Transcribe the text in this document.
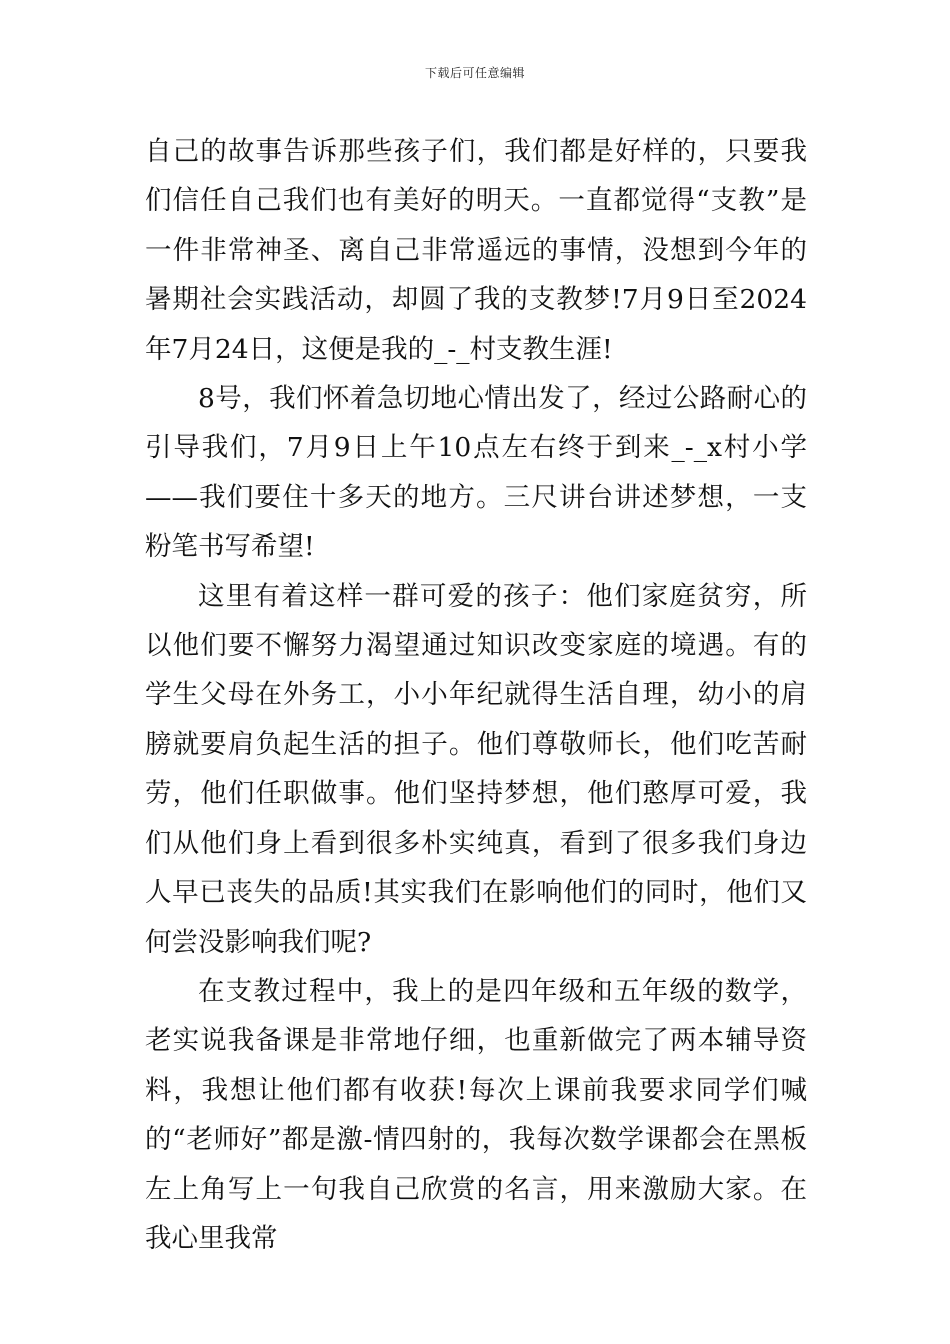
下载后可任意编辑

自己的故事告诉那些孩子们，我们都是好样的，只要我们信任自己我们也有美好的明天。一直都觉得“支教”是一件非常神圣、离自己非常遥远的事情，没想到今年的暑期社会实践活动，却圆了我的支教梦!7月9日至2024年7月24日，这便是我的_-_村支教生涯!

8号，我们怀着急切地心情出发了，经过公路耐心的引导我们，7月9日上午10点左右终于到来_-_x村小学——我们要住十多天的地方。三尺讲台讲述梦想，一支粉笔书写希望!

这里有着这样一群可爱的孩子：他们家庭贫穷，所以他们要不懈努力渴望通过知识改变家庭的境遇。有的学生父母在外务工，小小年纪就得生活自理，幼小的肩膀就要肩负起生活的担子。他们尊敬师长，他们吃苦耐劳，他们任职做事。他们坚持梦想，他们憨厚可爱，我们从他们身上看到很多朴实纯真，看到了很多我们身边人早已丧失的品质!其实我们在影响他们的同时，他们又何尝没影响我们呢?

在支教过程中，我上的是四年级和五年级的数学，老实说我备课是非常地仔细，也重新做完了两本辅导资料，我想让他们都有收获!每次上课前我要求同学们喊的“老师好”都是激-情四射的，我每次数学课都会在黑板左上角写上一句我自己欣赏的名言，用来激励大家。在我心里我常
